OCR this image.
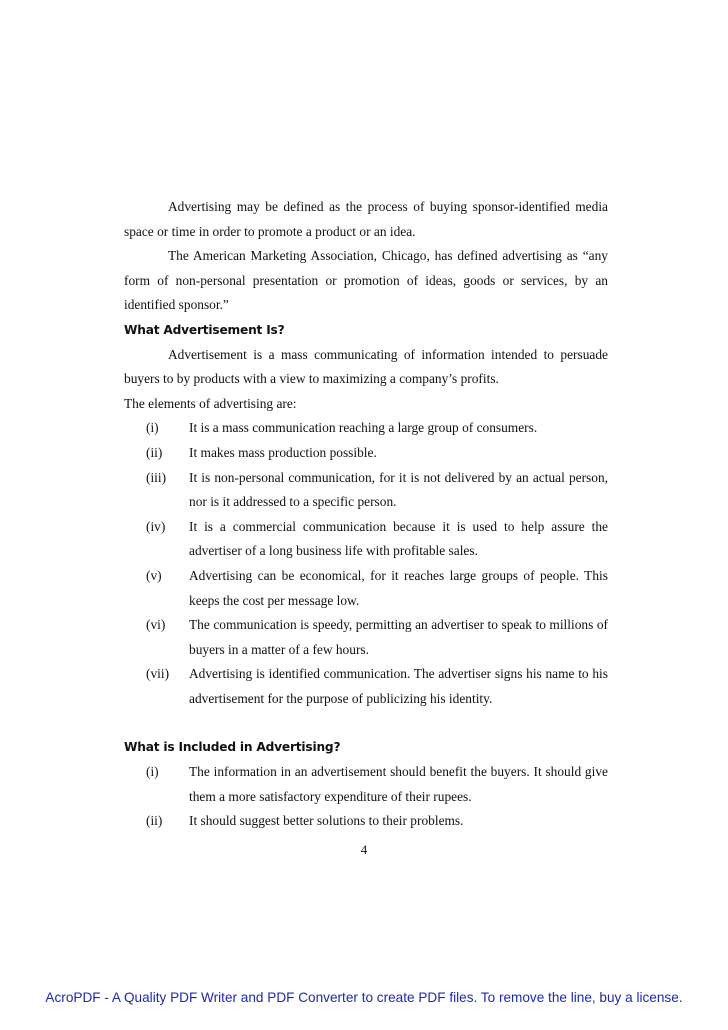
Advertising may be defined as the process of buying sponsor-identified media space or time in order to promote a product or an idea.

The American Marketing Association, Chicago, has defined advertising as “any form of non-personal presentation or promotion of ideas, goods or services, by an identified sponsor.”

What Advertisement Is?

Advertisement is a mass communicating of information intended to persuade buyers to by products with a view to maximizing a company’s profits.

The elements of advertising are:

(i) It is a mass communication reaching a large group of consumers.
(ii) It makes mass production possible.
(iii) It is non-personal communication, for it is not delivered by an actual person, nor is it addressed to a specific person.
(iv) It is a commercial communication because it is used to help assure the advertiser of a long business life with profitable sales.
(v) Advertising can be economical, for it reaches large groups of people. This keeps the cost per message low.
(vi) The communication is speedy, permitting an advertiser to speak to millions of buyers in a matter of a few hours.
(vii) Advertising is identified communication. The advertiser signs his name to his advertisement for the purpose of publicizing his identity.

What is Included in Advertising?

(i) The information in an advertisement should benefit the buyers. It should give them a more satisfactory expenditure of their rupees.
(ii) It should suggest better solutions to their problems.
4
AcroPDF - A Quality PDF Writer and PDF Converter to create PDF files. To remove the line, buy a license.
